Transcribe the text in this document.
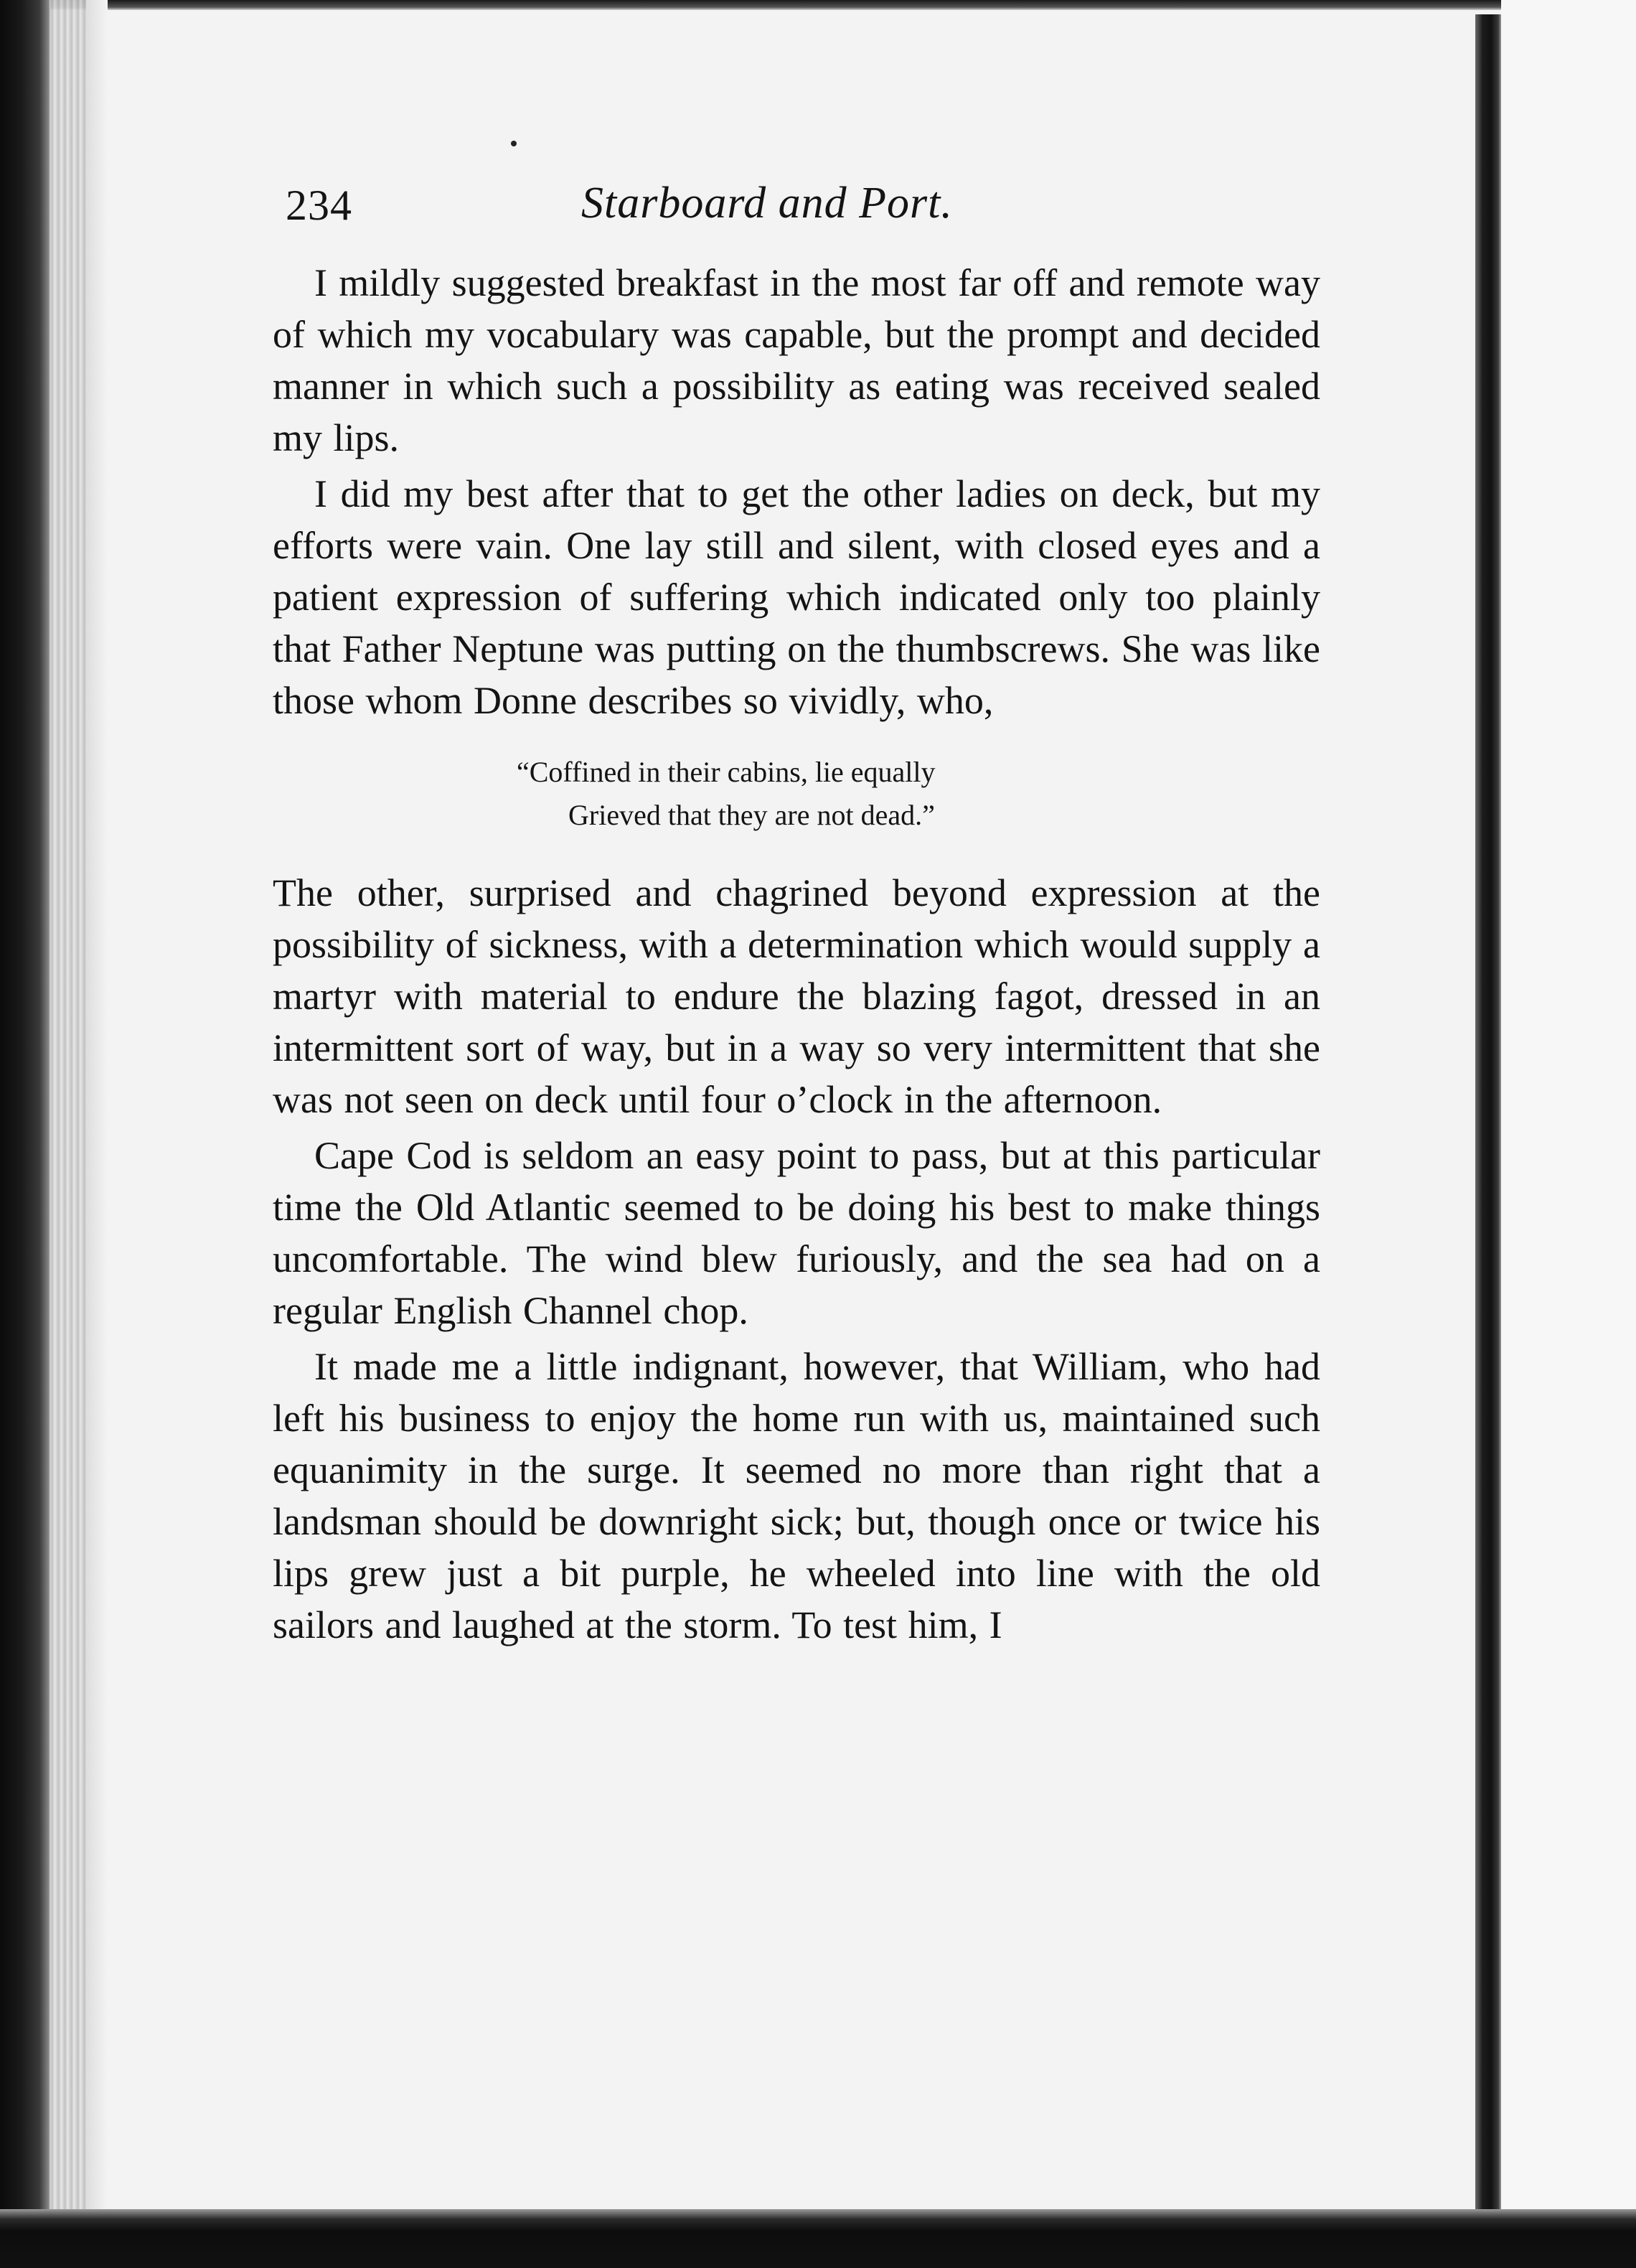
234	Starboard and Port.

I mildly suggested breakfast in the most far off and remote way of which my vocabulary was capable, but the prompt and decided manner in which such a possibility as eating was received sealed my lips.

I did my best after that to get the other ladies on deck, but my efforts were vain. One lay still and silent, with closed eyes and a patient expression of suffering which indicated only too plainly that Father Neptune was putting on the thumbscrews. She was like those whom Donne describes so vividly, who,

“Coffined in their cabins, lie equally
Grieved that they are not dead.”

The other, surprised and chagrined beyond expression at the possibility of sickness, with a determination which would supply a martyr with material to endure the blazing fagot, dressed in an intermittent sort of way, but in a way so very intermittent that she was not seen on deck until four o’clock in the afternoon.

Cape Cod is seldom an easy point to pass, but at this particular time the Old Atlantic seemed to be doing his best to make things uncomfortable. The wind blew furiously, and the sea had on a regular English Channel chop.

It made me a little indignant, however, that William, who had left his business to enjoy the home run with us, maintained such equanimity in the surge. It seemed no more than right that a landsman should be downright sick; but, though once or twice his lips grew just a bit purple, he wheeled into line with the old sailors and laughed at the storm. To test him, I
